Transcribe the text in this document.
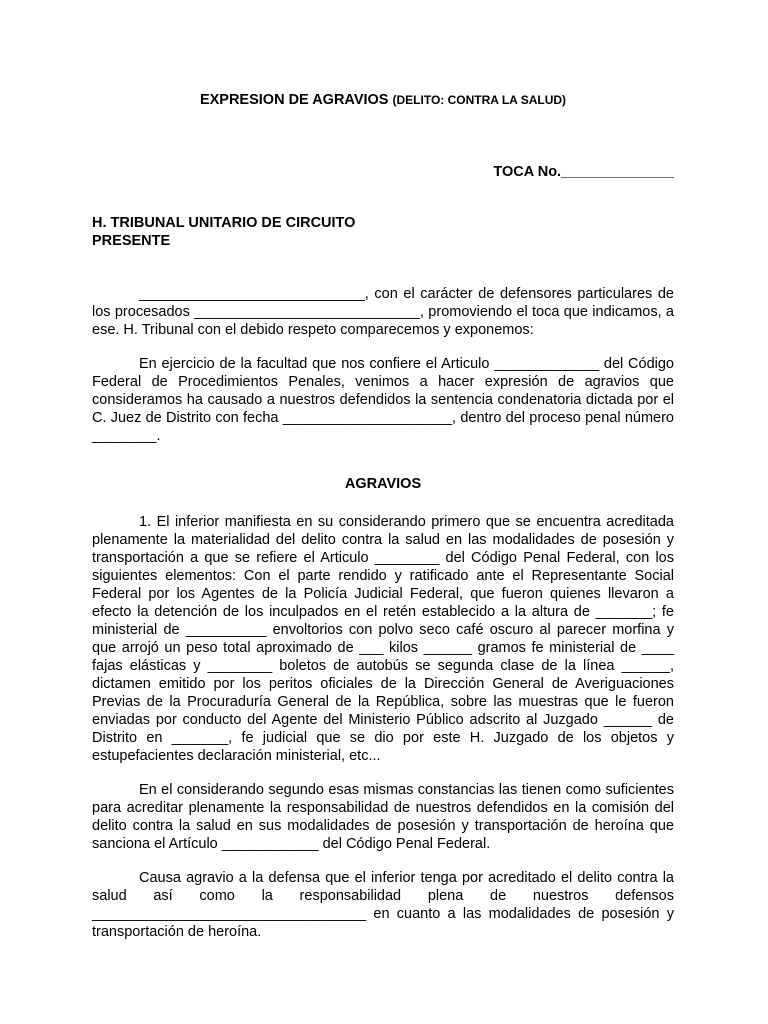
EXPRESION DE AGRAVIOS (DELITO: CONTRA LA SALUD)
TOCA No.______________
H. TRIBUNAL UNITARIO DE CIRCUITO
PRESENTE

____________________________, con el carácter de defensores particulares de los procesados ____________________________, promoviendo el toca que indicamos, a ese. H. Tribunal con el debido respeto comparecemos y exponemos:

En ejercicio de la facultad que nos confiere el Articulo _____________ del Código Federal de Procedimientos Penales, venimos a hacer expresión de agravios que consideramos ha causado a nuestros defendidos la sentencia condenatoria dictada por el C. Juez de Distrito con fecha _____________________, dentro del proceso penal número ________.

AGRAVIOS

1. El inferior manifiesta en su considerando primero que se encuentra acreditada plenamente la materialidad del delito contra la salud en las modalidades de posesión y transportación a que se refiere el Articulo ________ del Código Penal Federal, con los siguientes elementos: Con el parte rendido y ratificado ante el Representante Social Federal por los Agentes de la Policía Judicial Federal, que fueron quienes llevaron a efecto la detención de los inculpados en el retén establecido a la altura de _______; fe ministerial de __________ envoltorios con polvo seco café oscuro al parecer morfina y que arrojó un peso total aproximado de ___ kilos ______ gramos fe ministerial de ____ fajas elásticas y ________ boletos de autobús se segunda clase de la línea ______, dictamen emitido por los peritos oficiales de la Dirección General de Averiguaciones Previas de la Procuraduría General de la República, sobre las muestras que le fueron enviadas por conducto del Agente del Ministerio Público adscrito al Juzgado ______ de Distrito en _______, fe judicial que se dio por este H. Juzgado de los objetos y estupefacientes declaración ministerial, etc...

En el considerando segundo esas mismas constancias las tienen como suficientes para acreditar plenamente la responsabilidad de nuestros defendidos en la comisión del delito contra la salud en sus modalidades de posesión y transportación de heroína que sanciona el Artículo ____________ del Código Penal Federal.

Causa agravio a la defensa que el inferior tenga por acreditado el delito contra la salud así como la responsabilidad plena de nuestros defensos __________________________________ en cuanto a las modalidades de posesión y transportación de heroína.
